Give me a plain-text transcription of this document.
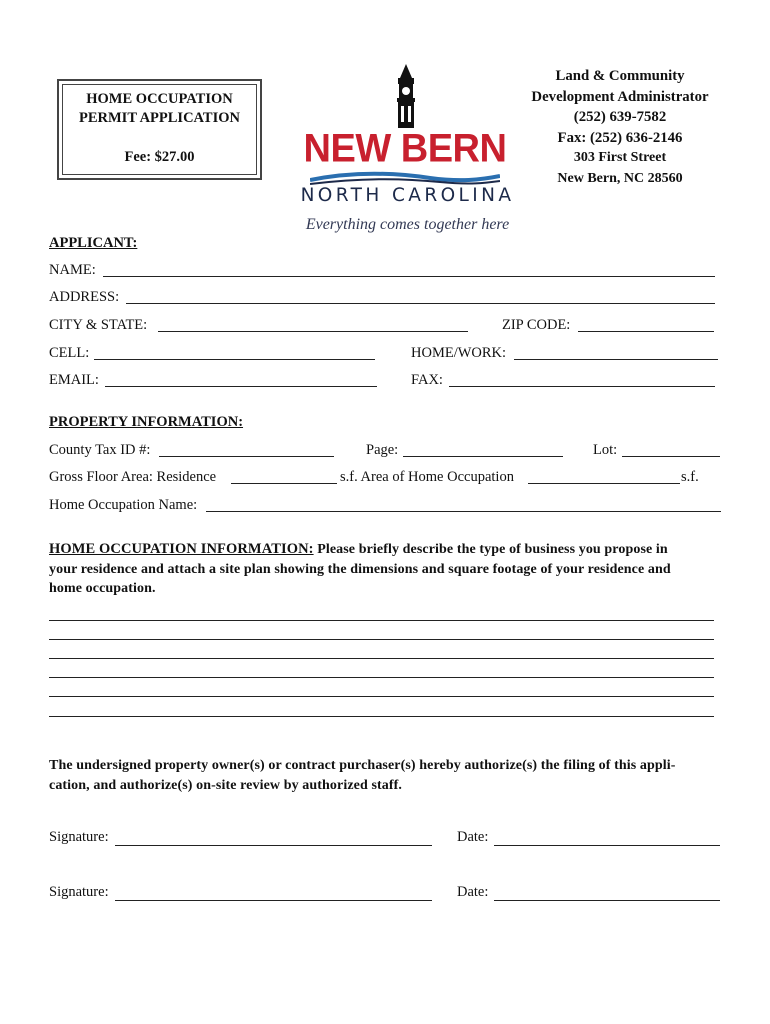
HOME OCCUPATION
PERMIT APPLICATION
Fee: $27.00	NEW BERN
NORTH CAROLINA
Everything comes together here
Land & Community
Development Administrator
(252) 639-7582
Fax: (252) 636-2146
303 First Street
New Bern, NC 28560
APPLICANT:
NAME:
ADDRESS:
CITY & STATE:	ZIP CODE:
CELL:	HOME/WORK:
EMAIL:	FAX:
PROPERTY INFORMATION:
County Tax ID #:	Page:	Lot:
Gross Floor Area: Residence	s.f. Area of Home Occupation	s.f.
Home Occupation Name:
HOME OCCUPATION INFORMATION: Please briefly describe the type of business you propose in
your residence and attach a site plan showing the dimensions and square footage of your residence and
home occupation.
The undersigned property owner(s) or contract purchaser(s) hereby authorize(s) the filing of this appli-
cation, and authorize(s) on-site review by authorized staff.
Signature:	Date:
Signature:	Date:
